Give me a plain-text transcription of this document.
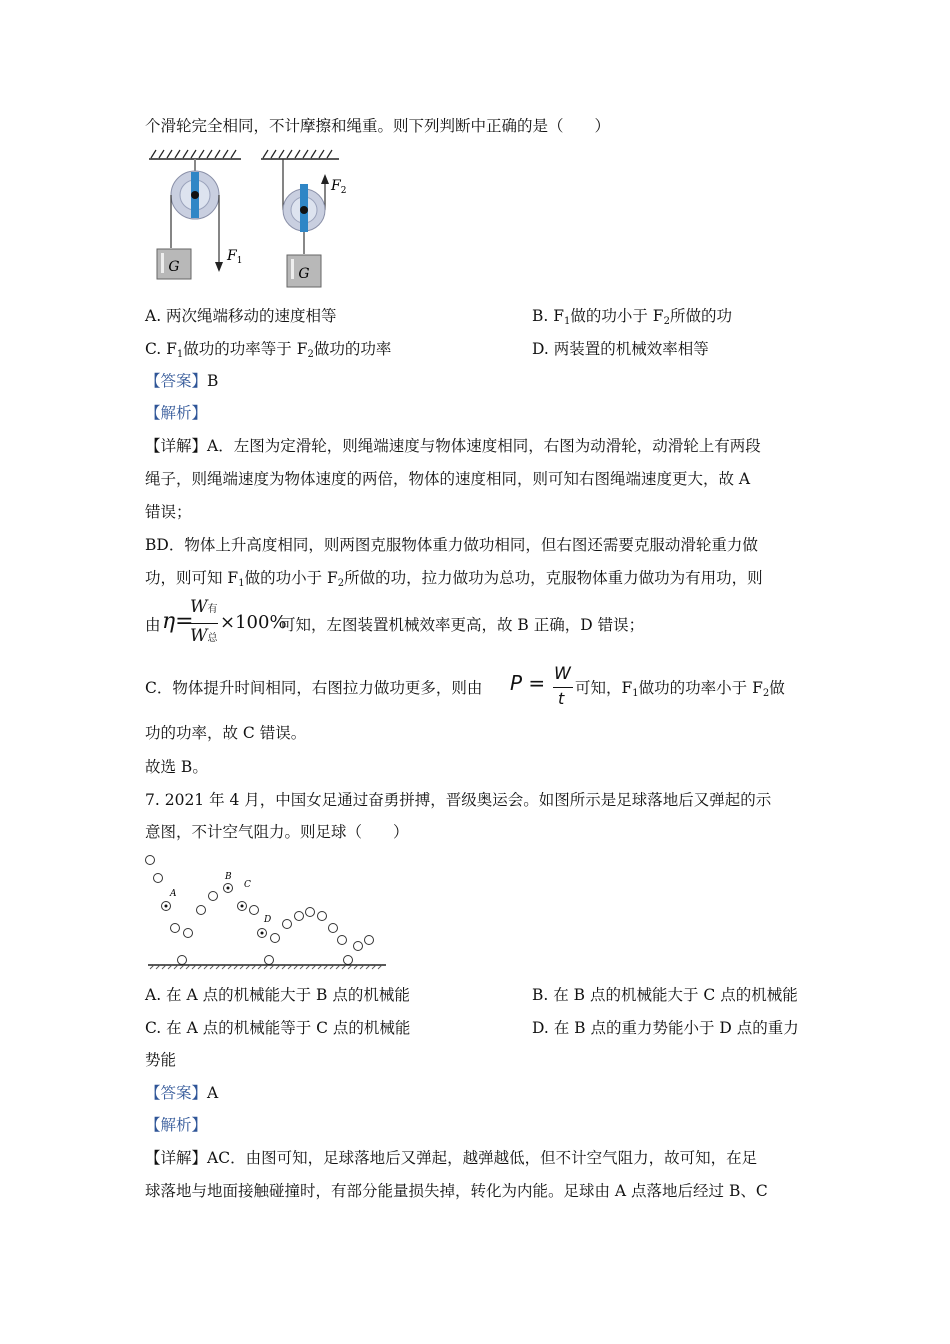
个滑轮完全相同，不计摩擦和绳重。则下列判断中正确的是（　　）
G
$F_1$
$F_2$
G
A. 两次绳端移动的速度相等	B. $F_1$做的功小于 $F_2$所做的功
C. $F_1$做功的功率等于 $F_2$做功的功率	D. 两装置的机械效率相等
【答案】B
【解析】
【详解】A．左图为定滑轮，则绳端速度与物体速度相同，右图为动滑轮，动滑轮上有两段
绳子，则绳端速度为物体速度的两倍，物体的速度相同，则可知右图绳端速度更大，故 A
错误；
BD．物体上升高度相同，则两图克服物体重力做功相同，但右图还需要克服动滑轮重力做
功，则可知 $F_1$做的功小于 $F_2$所做的功，拉力做功为总功，克服物体重力做功为有用功，则
由 η=
W有
W总
×100%
可知，左图装置机械效率更高，故 B 正确，D 错误；
C．物体提升时间相同，右图拉力做功更多，则由 P = W
t
可知，$F_1$做功的功率小于 $F_2$做
功的功率，故 C 错误。
故选 B。
7. 2021 年 4 月，中国女足通过奋勇拼搏，晋级奥运会。如图所示是足球落地后又弹起的示
意图，不计空气阻力。则足球（　　）
A
B
C
D
A. 在 A 点的机械能大于 B 点的机械能	B. 在 B 点的机械能大于 C 点的机械能
C. 在 A 点的机械能等于 C 点的机械能	D. 在 B 点的重力势能小于 D 点的重力
势能
【答案】A
【解析】
【详解】AC．由图可知，足球落地后又弹起，越弹越低，但不计空气阻力，故可知，在足
球落地与地面接触碰撞时，有部分能量损失掉，转化为内能。足球由 A 点落地后经过 B、C
